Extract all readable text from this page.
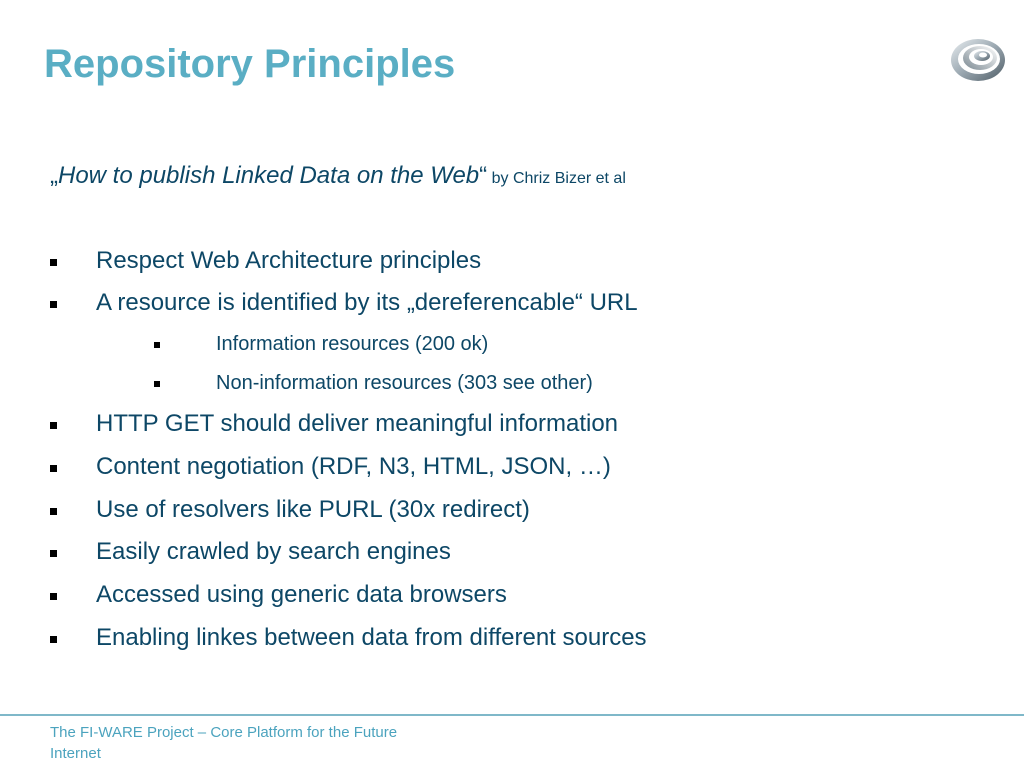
Repository Principles
„How to publish Linked Data on the Web“ by Chriz Bizer et al
Respect Web Architecture principles
A resource is identified by its „dereferencable“ URL
Information resources (200 ok)
Non-information resources (303 see other)
HTTP GET should deliver meaningful information
Content negotiation (RDF, N3, HTML, JSON, …)
Use of resolvers like PURL (30x redirect)
Easily crawled by search engines
Accessed using generic data browsers
Enabling linkes between data from different sources
The FI-WARE Project – Core Platform for the Future Internet
